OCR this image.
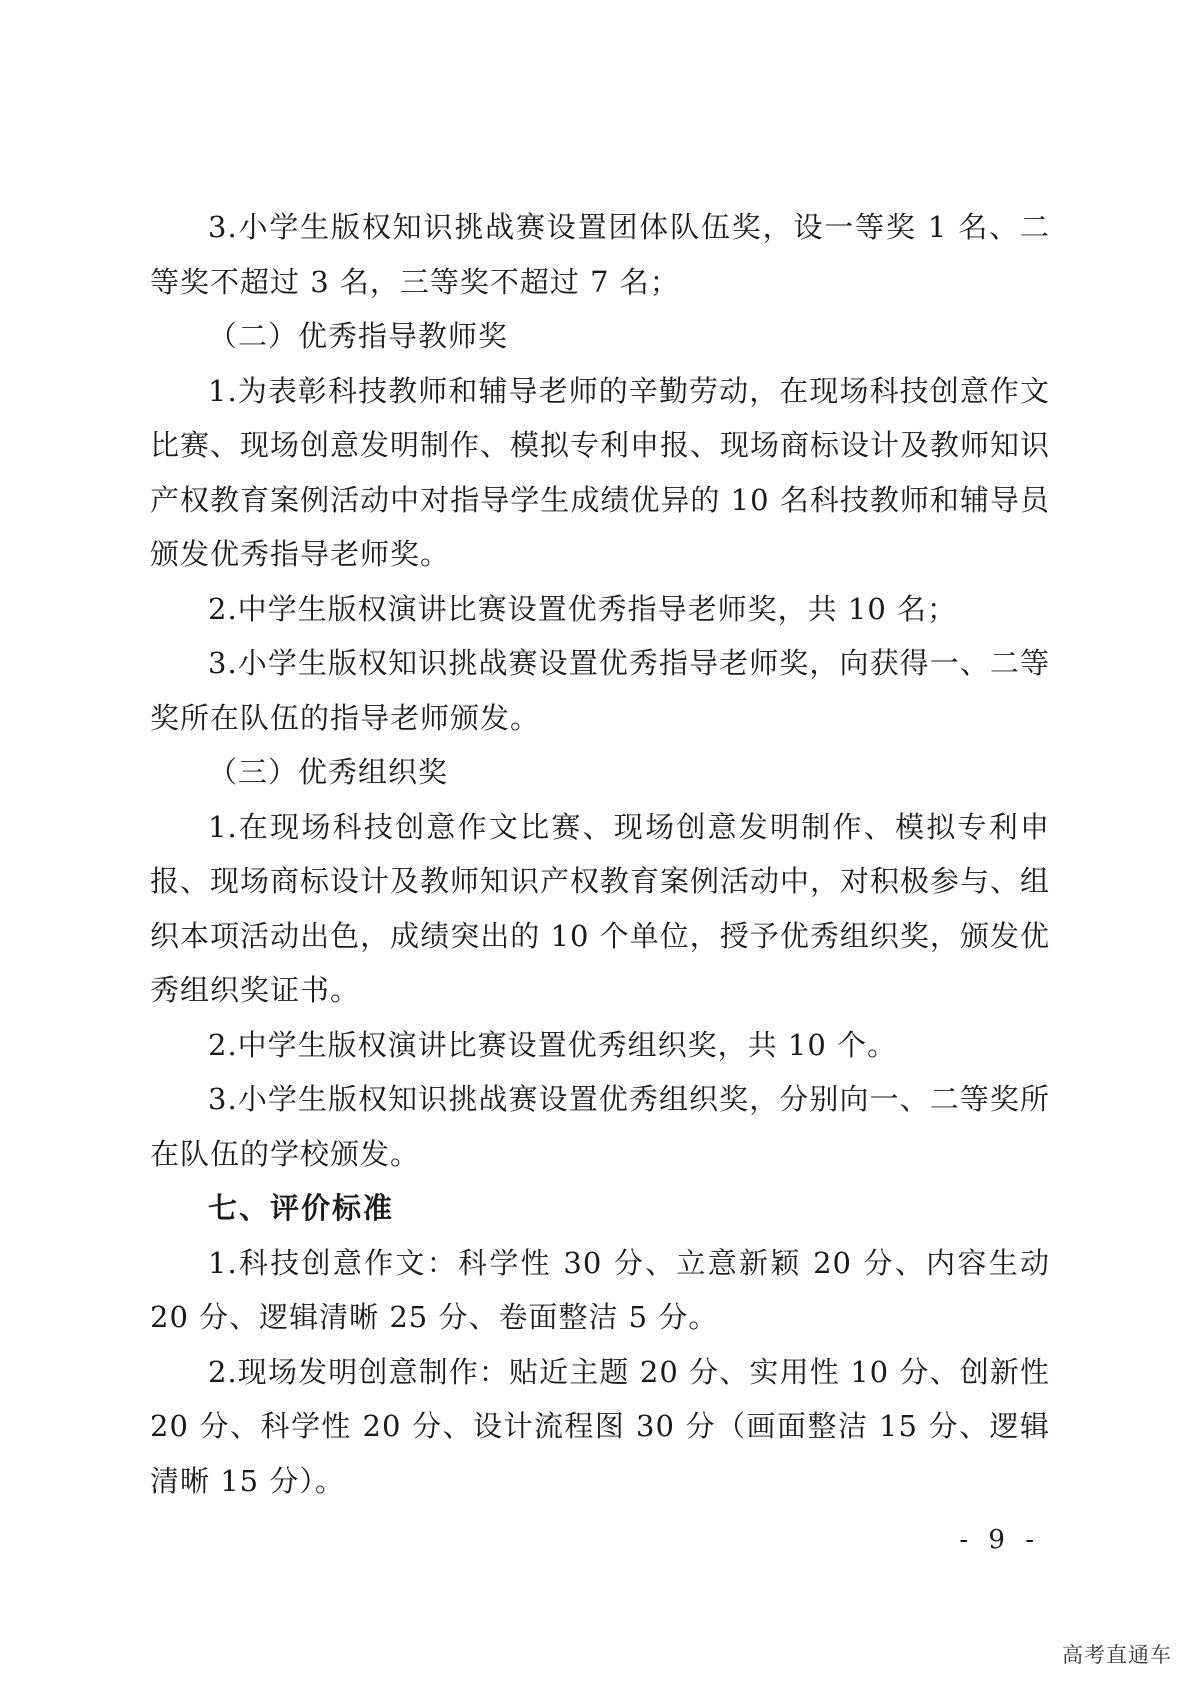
3.小学生版权知识挑战赛设置团体队伍奖，设一等奖 1 名、二等奖不超过 3 名，三等奖不超过 7 名；

（二）优秀指导教师奖

1.为表彰科技教师和辅导老师的辛勤劳动，在现场科技创意作文比赛、现场创意发明制作、模拟专利申报、现场商标设计及教师知识产权教育案例活动中对指导学生成绩优异的 10 名科技教师和辅导员颁发优秀指导老师奖。

2.中学生版权演讲比赛设置优秀指导老师奖，共 10 名；

3.小学生版权知识挑战赛设置优秀指导老师奖，向获得一、二等奖所在队伍的指导老师颁发。

（三）优秀组织奖

1.在现场科技创意作文比赛、现场创意发明制作、模拟专利申报、现场商标设计及教师知识产权教育案例活动中，对积极参与、组织本项活动出色，成绩突出的 10 个单位，授予优秀组织奖，颁发优秀组织奖证书。

2.中学生版权演讲比赛设置优秀组织奖，共 10 个。

3.小学生版权知识挑战赛设置优秀组织奖，分别向一、二等奖所在队伍的学校颁发。

七、评价标准

1.科技创意作文：科学性 30 分、立意新颖 20 分、内容生动 20 分、逻辑清晰 25 分、卷面整洁 5 分。

2.现场发明创意制作：贴近主题 20 分、实用性 10 分、创新性 20 分、科学性 20 分、设计流程图 30 分（画面整洁 15 分、逻辑清晰 15 分）。

- 9 -
高考直通车
